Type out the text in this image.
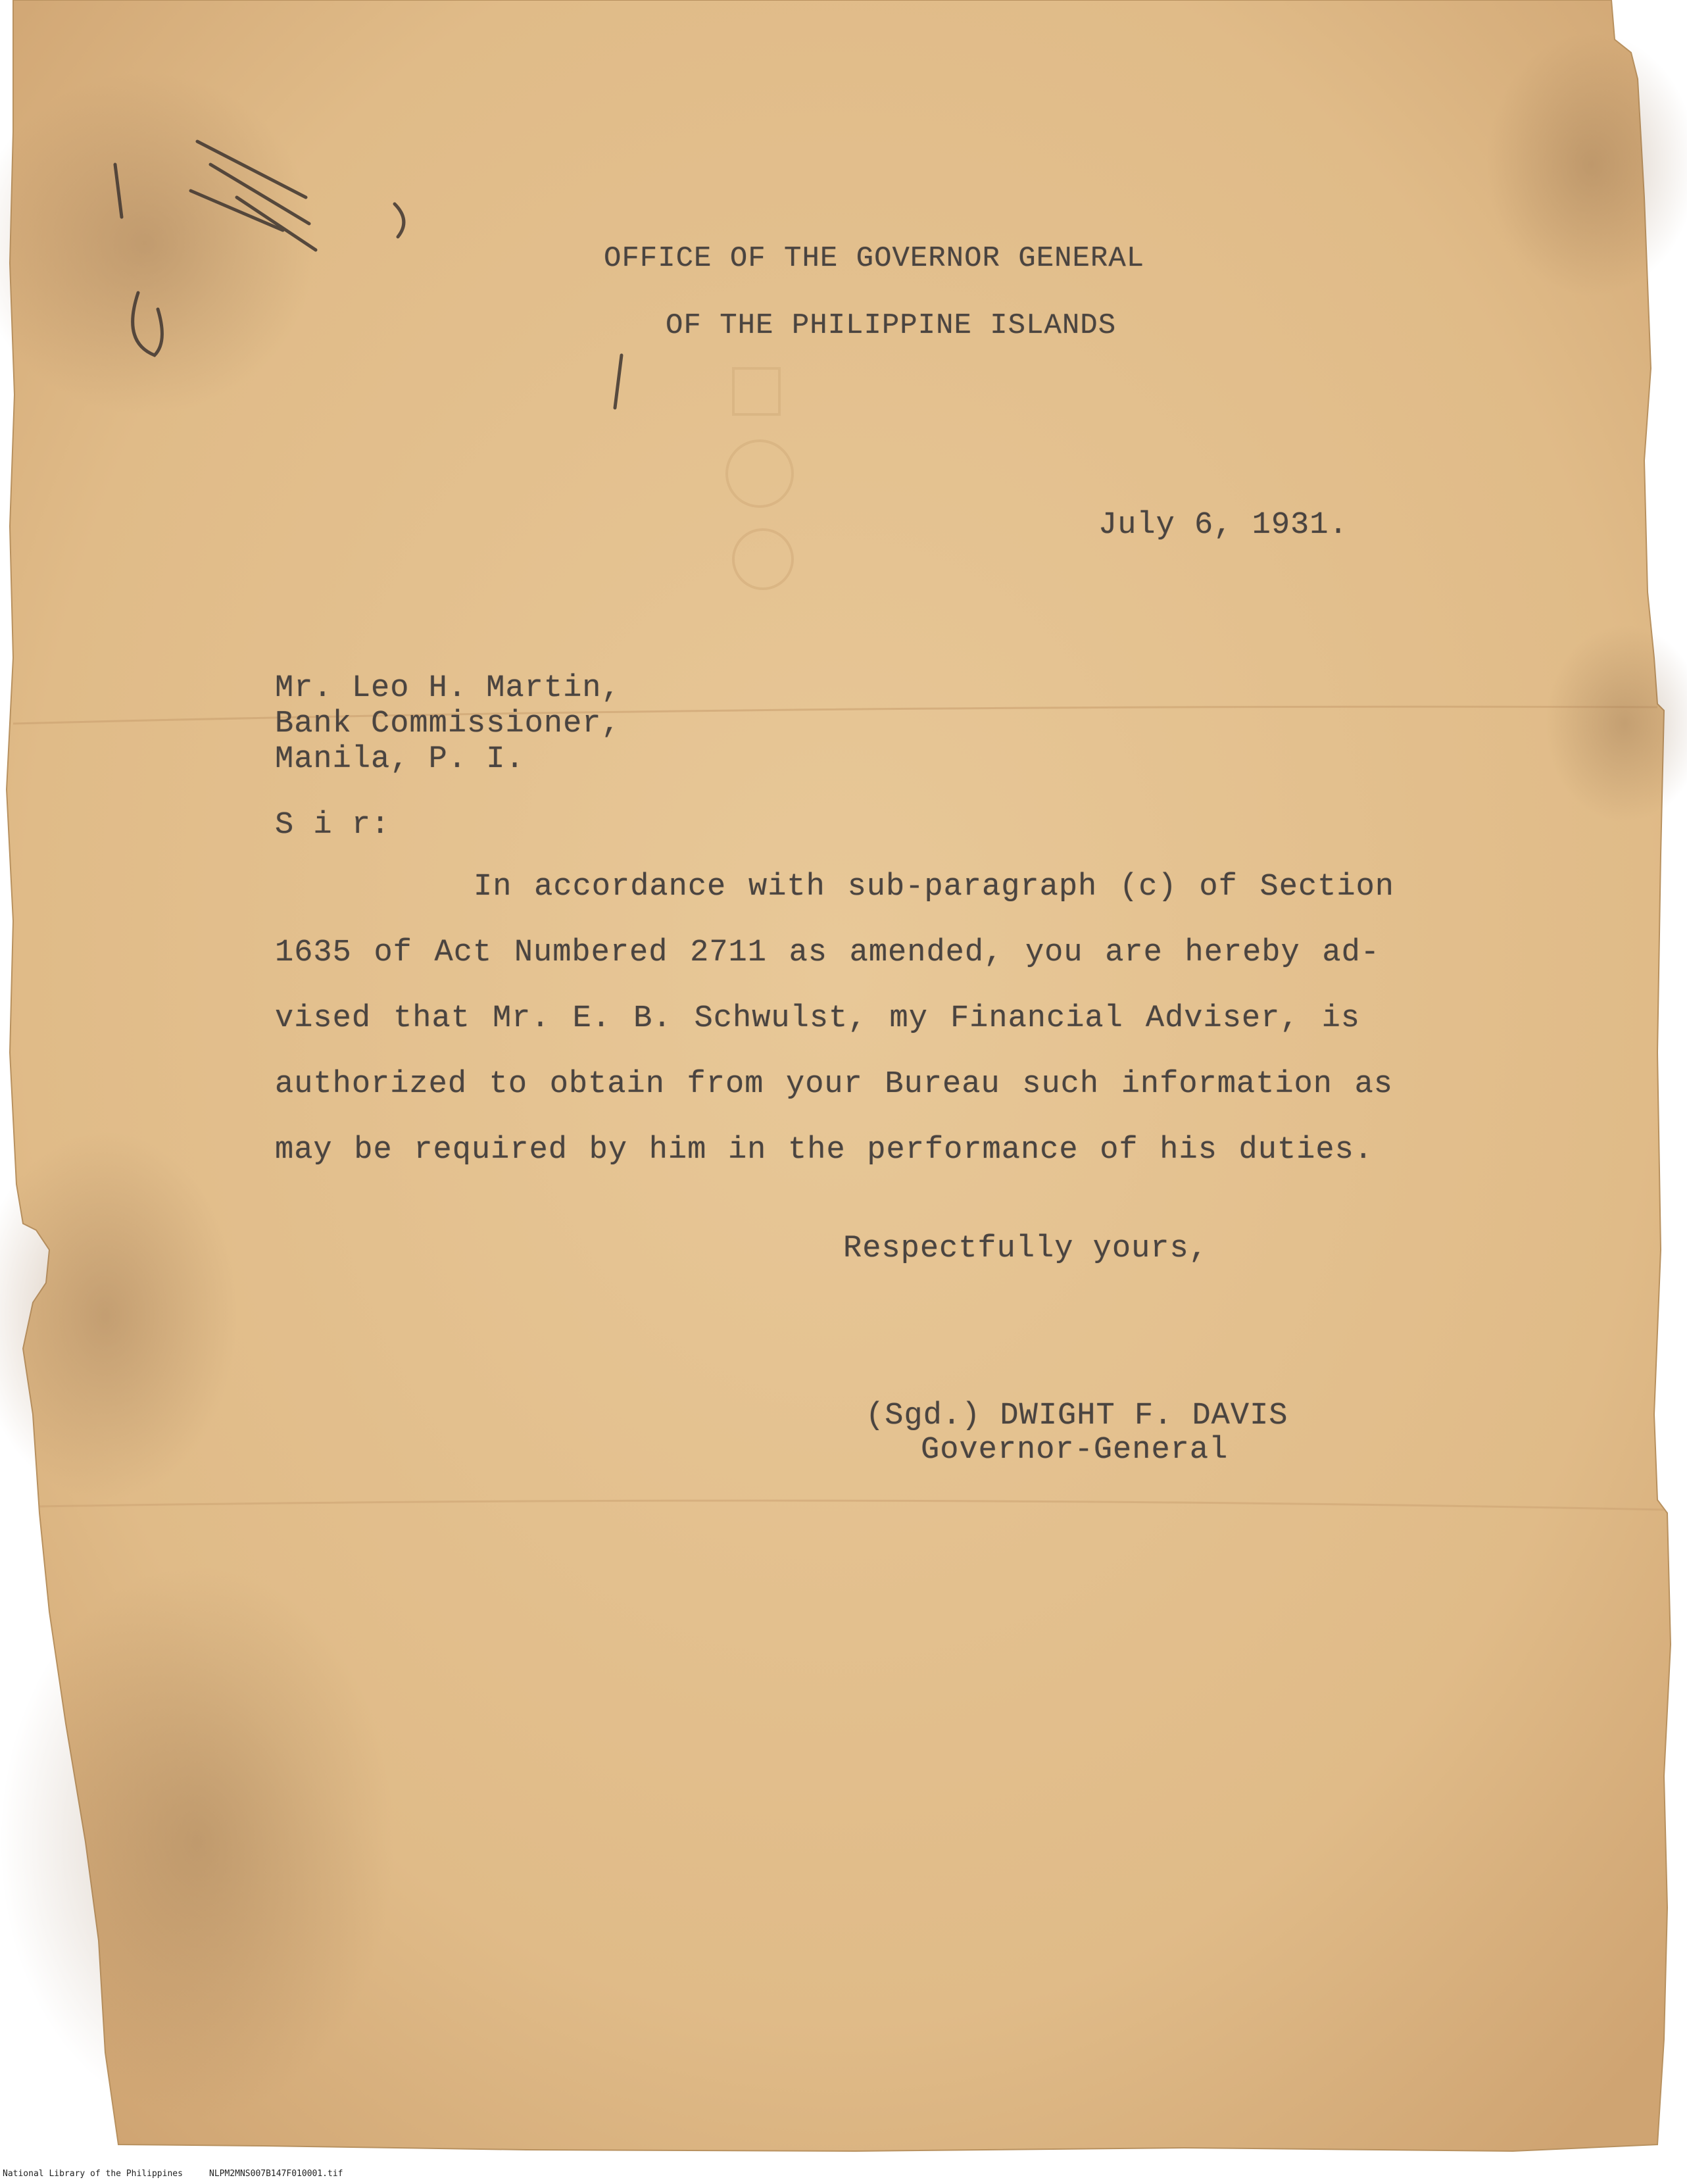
OFFICE OF THE GOVERNOR GENERAL
OF THE PHILIPPINE ISLANDS
July 6, 1931.
Mr. Leo H. Martin,
Bank Commissioner,
Manila, P. I.
S i r:
In accordance with sub-paragraph (c) of Section
1635 of Act Numbered 2711 as amended, you are hereby ad-
vised that Mr. E. B. Schwulst, my Financial Adviser, is
authorized to obtain from your Bureau such information as
may be required by him in the performance of his duties.
Respectfully yours,
(Sgd.) DWIGHT F. DAVIS
Governor-General
National Library of the Philippines	NLPM2MNS007B147F010001.tif
